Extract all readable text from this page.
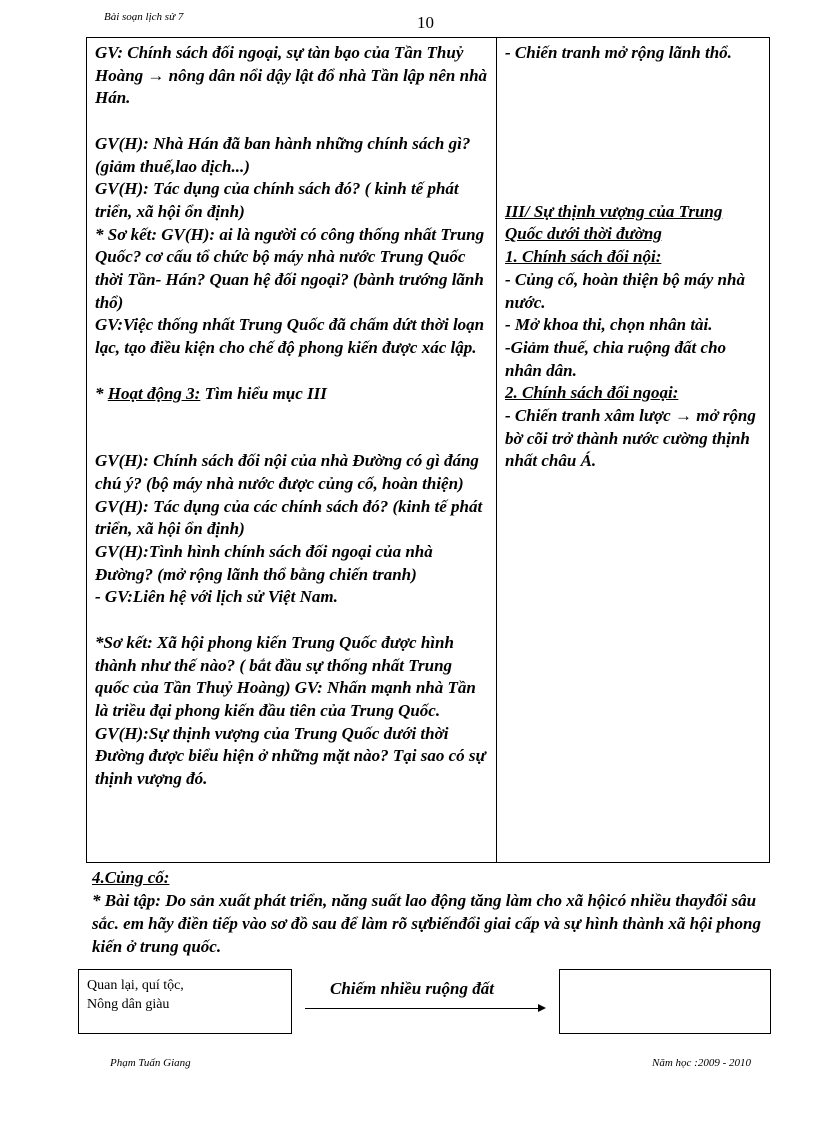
Bài soạn lịch sử 7	10

GV: Chính sách đối ngoại, sự tàn bạo của Tần Thuỷ Hoàng → nông dân nổi dậy lật đổ nhà Tần lập nên nhà Hán.

GV(H): Nhà Hán đã ban hành những chính sách gì?(giảm thuế,lao dịch...)

GV(H): Tác dụng của chính sách đó? ( kinh tế phát triển, xã hội ổn định)

* Sơ kết: GV(H): ai là người có công thống nhất Trung Quốc? cơ cấu tổ chức bộ máy nhà nước Trung Quốc thời Tần- Hán? Quan hệ đối ngoại? (bành trướng lãnh thổ)

GV:Việc thống nhất Trung Quốc đã chấm dứt thời loạn lạc, tạo điều kiện cho chế độ phong kiến được xác lập.

* Hoạt động 3: Tìm hiểu mục III

GV(H): Chính sách đối nội của nhà Đường có gì đáng chú ý? (bộ máy nhà nước được củng cố, hoàn thiện)

GV(H): Tác dụng của các chính sách đó? (kinh tế phát triển, xã hội ổn định)

GV(H):Tình hình chính sách đối ngoại của nhà Đường? (mở rộng lãnh thổ bằng chiến tranh)

- GV:Liên hệ với lịch sử Việt Nam.

*Sơ kết: Xã hội phong kiến Trung Quốc được hình thành như thế nào? ( bắt đầu sự thống nhất Trung quốc của Tần Thuỷ Hoàng) GV: Nhấn mạnh nhà Tần là triều đại phong kiến đầu tiên của Trung Quốc.

GV(H):Sự thịnh vượng của Trung Quốc dưới thời Đường được biểu hiện ở những mặt nào? Tại sao có sự thịnh vượng đó.

- Chiến tranh mở rộng lãnh thổ.

III/ Sự thịnh vượng của Trung Quốc dưới thời đường

1. Chính sách đối nội:

- Củng cố, hoàn thiện bộ máy nhà nước.

- Mở khoa thi, chọn nhân tài.

-Giảm thuế, chia ruộng đất cho nhân dân.

2. Chính sách đối ngoại:

- Chiến tranh xâm lược → mở rộng bờ cõi trở thành nước cường thịnh nhất châu Á.

4.Củng cố:
* Bài tập: Do sản xuất phát triển, năng suất lao động tăng làm cho xã hộicó nhiều thayđổi sâu sắc. em hãy điền tiếp vào sơ đồ sau để làm rõ sựbiếnđổi giai cấp và sự hình thành xã hội phong kiến ở trung quốc.
Quan lại, quí tộc,
Nông dân giàu
Chiếm nhiều ruộng đất
Phạm Tuấn Giang	Năm học :2009 - 2010
